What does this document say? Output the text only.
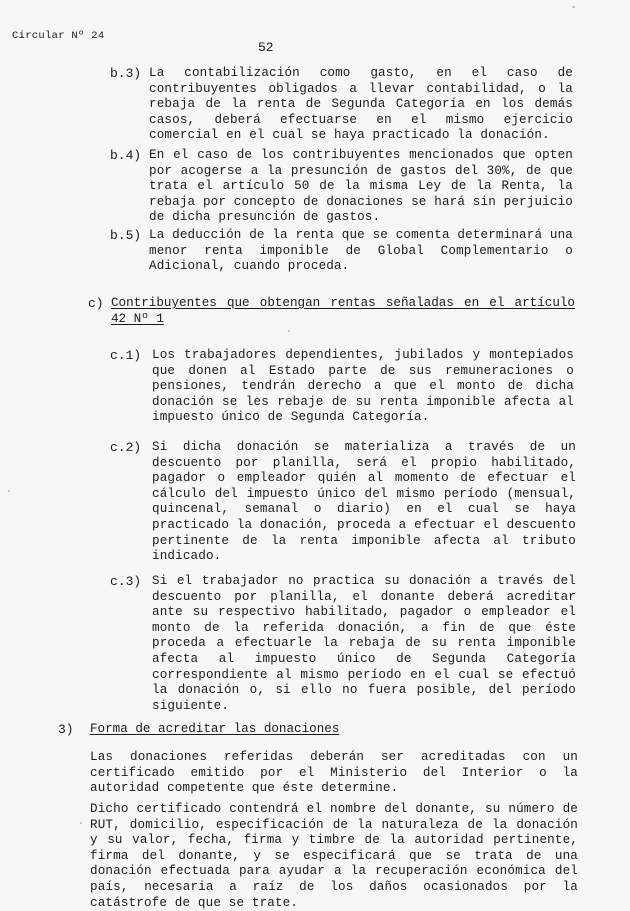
Circular Nº 24
52
b.3) La contabilización como gasto, en el caso de contribuyentes obligados a llevar contabilidad, o la rebaja de la renta de Segunda Categoría en los demás casos, deberá efectuarse en el mismo ejercicio comercial en el cual se haya practicado la donación.

b.4) En el caso de los contribuyentes mencionados que opten por acogerse a la presunción de gastos del 30%, de que trata el artículo 50 de la misma Ley de la Renta, la rebaja por concepto de donaciones se hará sin perjuicio de dicha presunción de gastos.

b.5) La deducción de la renta que se comenta determinará una menor renta imponible de Global Complementario o Adicional, cuando proceda.

c) Contribuyentes que obtengan rentas señaladas en el artículo 42 Nº 1

c.1) Los trabajadores dependientes, jubilados y montepiados que donen al Estado parte de sus remuneraciones o pensiones, tendrán derecho a que el monto de dicha donación se les rebaje de su renta imponible afecta al impuesto único de Segunda Categoría.

c.2) Si dicha donación se materializa a través de un descuento por planilla, será el propio habilitado, pagador o empleador quién al momento de efectuar el cálculo del impuesto único del mismo período (mensual, quincenal, semanal o diario) en el cual se haya practicado la donación, proceda a efectuar el descuento pertinente de la renta imponible afecta al tributo indicado.

c.3) Si el trabajador no practica su donación a través del descuento por planilla, el donante deberá acreditar ante su respectivo habilitado, pagador o empleador el monto de la referida donación, a fin de que éste proceda a efectuarle la rebaja de su renta imponible afecta al impuesto único de Segunda Categoría correspondiente al mismo período en el cual se efectuó la donación o, si ello no fuera posible, del período siguiente.

3) Forma de acreditar las donaciones

Las donaciones referidas deberán ser acreditadas con un certificado emitido por el Ministerio del Interior o la autoridad competente que éste determine.

Dicho certificado contendrá el nombre del donante, su número de RUT, domicilio, especificación de la naturaleza de la donación y su valor, fecha, firma y timbre de la autoridad pertinente, firma del donante, y se especificará que se trata de una donación efectuada para ayudar a la recuperación económica del país, necesaria a raíz de los daños ocasionados por la catástrofe de que se trate.
